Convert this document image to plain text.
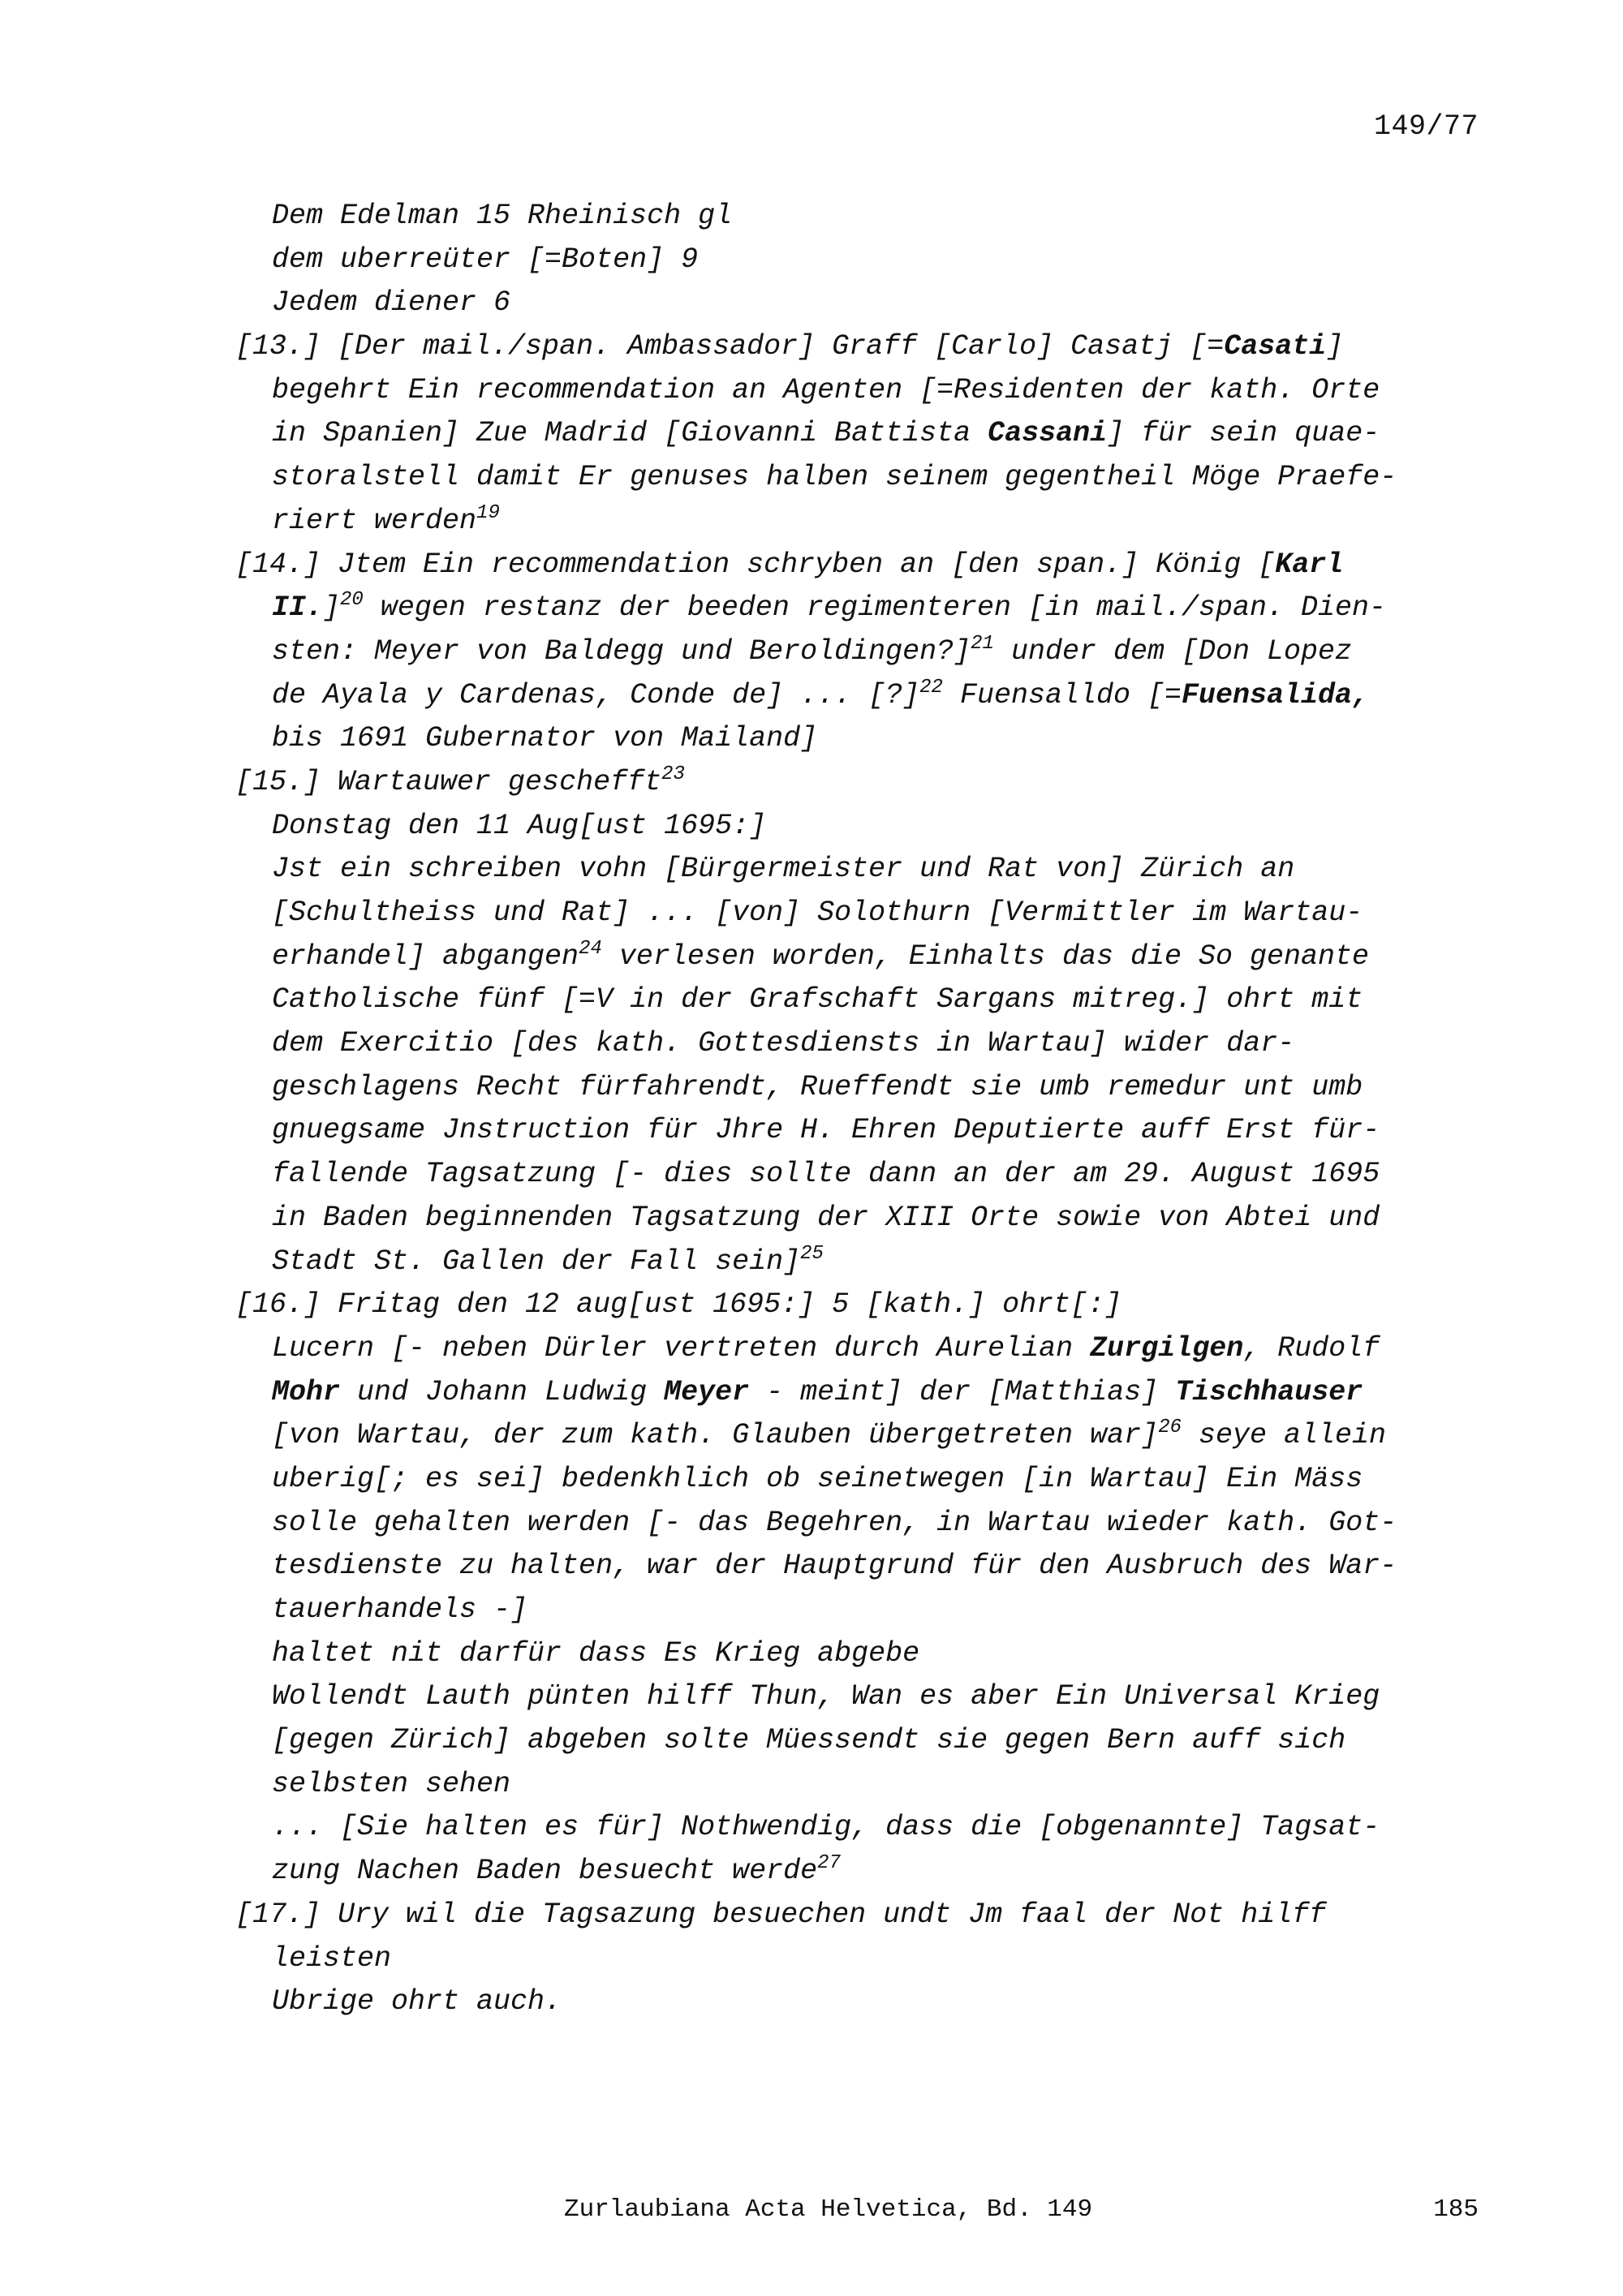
149/77
Dem Edelman 15 Rheinisch gl
dem uberreüter [=Boten] 9
Jedem diener 6
[13.] [Der mail./span. Ambassador] Graff [Carlo] Casatj [=Casati]
begehrt Ein recommendation an Agenten [=Residenten der kath. Orte
in Spanien] Zue Madrid [Giovanni Battista Cassani] für sein quae-
storalstell damit Er genuses halben seinem gegentheil Möge Praefe-
riert werden$^{19}$
[14.] Jtem Ein recommendation schryben an [den span.] König [Karl
II.]$^{20}$ wegen restanz der beeden regimenteren [in mail./span. Dien-
sten: Meyer von Baldegg und Beroldingen?]$^{21}$ under dem [Don Lopez
de Ayala y Cardenas, Conde de] ... [?]$^{22}$ Fuensalldo [=Fuensalida,
bis 1691 Gubernator von Mailand]
[15.] Wartauwer geschefft$^{23}$
Donstag den 11 Aug[ust 1695:]
Jst ein schreiben vohn [Bürgermeister und Rat von] Zürich an
[Schultheiss und Rat] ... [von] Solothurn [Vermittler im Wartau-
erhandel] abgangen$^{24}$ verlesen worden, Einhalts das die So genante
Catholische fünf [=V in der Grafschaft Sargans mitreg.] ohrt mit
dem Exercitio [des kath. Gottesdiensts in Wartau] wider dar-
geschlagens Recht fürfahrendt, Rueffendt sie umb remedur unt umb
gnuegsame Jnstruction für Jhre H. Ehren Deputierte auff Erst für-
fallende Tagsatzung [- dies sollte dann an der am 29. August 1695
in Baden beginnenden Tagsatzung der XIII Orte sowie von Abtei und
Stadt St. Gallen der Fall sein]$^{25}$
[16.] Fritag den 12 aug[ust 1695:] 5 [kath.] ohrt[:]
Lucern [- neben Dürler vertreten durch Aurelian Zurgilgen, Rudolf
Mohr und Johann Ludwig Meyer - meint] der [Matthias] Tischhauser
[von Wartau, der zum kath. Glauben übergetreten war]$^{26}$ seye allein
uberig[; es sei] bedenkhlich ob seinetwegen [in Wartau] Ein Mäss
solle gehalten werden [- das Begehren, in Wartau wieder kath. Got-
tesdienste zu halten, war der Hauptgrund für den Ausbruch des War-
tauerhandels -]
haltet nit darfür dass Es Krieg abgebe
Wollendt Lauth pünten hilff Thun, Wan es aber Ein Universal Krieg
[gegen Zürich] abgeben solte Müessendt sie gegen Bern auff sich
selbsten sehen
... [Sie halten es für] Nothwendig, dass die [obgenannte] Tagsat-
zung Nachen Baden besuecht werde$^{27}$
[17.] Ury wil die Tagsazung besuechen undt Jm faal der Not hilff
leisten
Ubrige ohrt auch.
Zurlaubiana Acta Helvetica, Bd. 149	185
